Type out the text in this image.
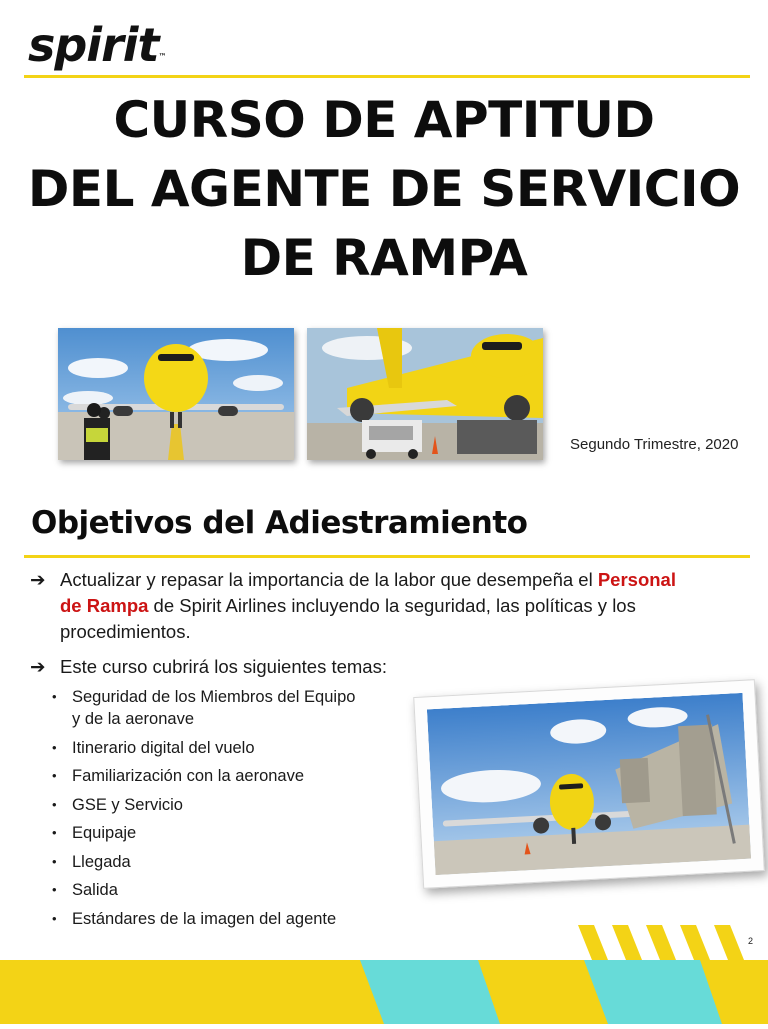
spirit™
CURSO DE APTITUD
DEL AGENTE DE SERVICIO
DE RAMPA
Segundo Trimestre, 2020
Objetivos del Adiestramiento
➔ Actualizar y repasar la importancia de la labor que desempeña el Personal
de Rampa de Spirit Airlines incluyendo la seguridad, las políticas y los
procedimientos.
➔ Este curso cubrirá los siguientes temas:
• Seguridad de los Miembros del Equipo
y de la aeronave
• Itinerario digital del vuelo
• Familiarización con la aeronave
• GSE y Servicio
• Equipaje
• Llegada
• Salida
• Estándares de la imagen del agente
2
